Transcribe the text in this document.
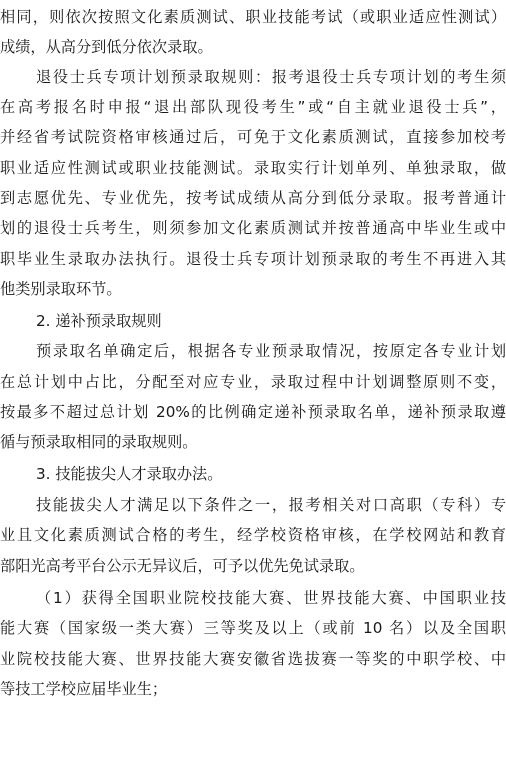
相同，则依次按照文化素质测试、职业技能考试（或职业适应性测试）
成绩，从高分到低分依次录取。
退役士兵专项计划预录取规则：报考退役士兵专项计划的考生须
在高考报名时申报“退出部队现役考生”或“自主就业退役士兵”，
并经省考试院资格审核通过后，可免于文化素质测试，直接参加校考
职业适应性测试或职业技能测试。录取实行计划单列、单独录取，做
到志愿优先、专业优先，按考试成绩从高分到低分录取。报考普通计
划的退役士兵考生，则须参加文化素质测试并按普通高中毕业生或中
职毕业生录取办法执行。退役士兵专项计划预录取的考生不再进入其
他类别录取环节。
2. 递补预录取规则
预录取名单确定后，根据各专业预录取情况，按原定各专业计划
在总计划中占比，分配至对应专业，录取过程中计划调整原则不变，
按最多不超过总计划 20%的比例确定递补预录取名单，递补预录取遵
循与预录取相同的录取规则。
3. 技能拔尖人才录取办法。
技能拔尖人才满足以下条件之一，报考相关对口高职（专科）专
业且文化素质测试合格的考生，经学校资格审核，在学校网站和教育
部阳光高考平台公示无异议后，可予以优先免试录取。
（1）获得全国职业院校技能大赛、世界技能大赛、中国职业技
能大赛（国家级一类大赛）三等奖及以上（或前 10 名）以及全国职
业院校技能大赛、世界技能大赛安徽省选拔赛一等奖的中职学校、中
等技工学校应届毕业生；
